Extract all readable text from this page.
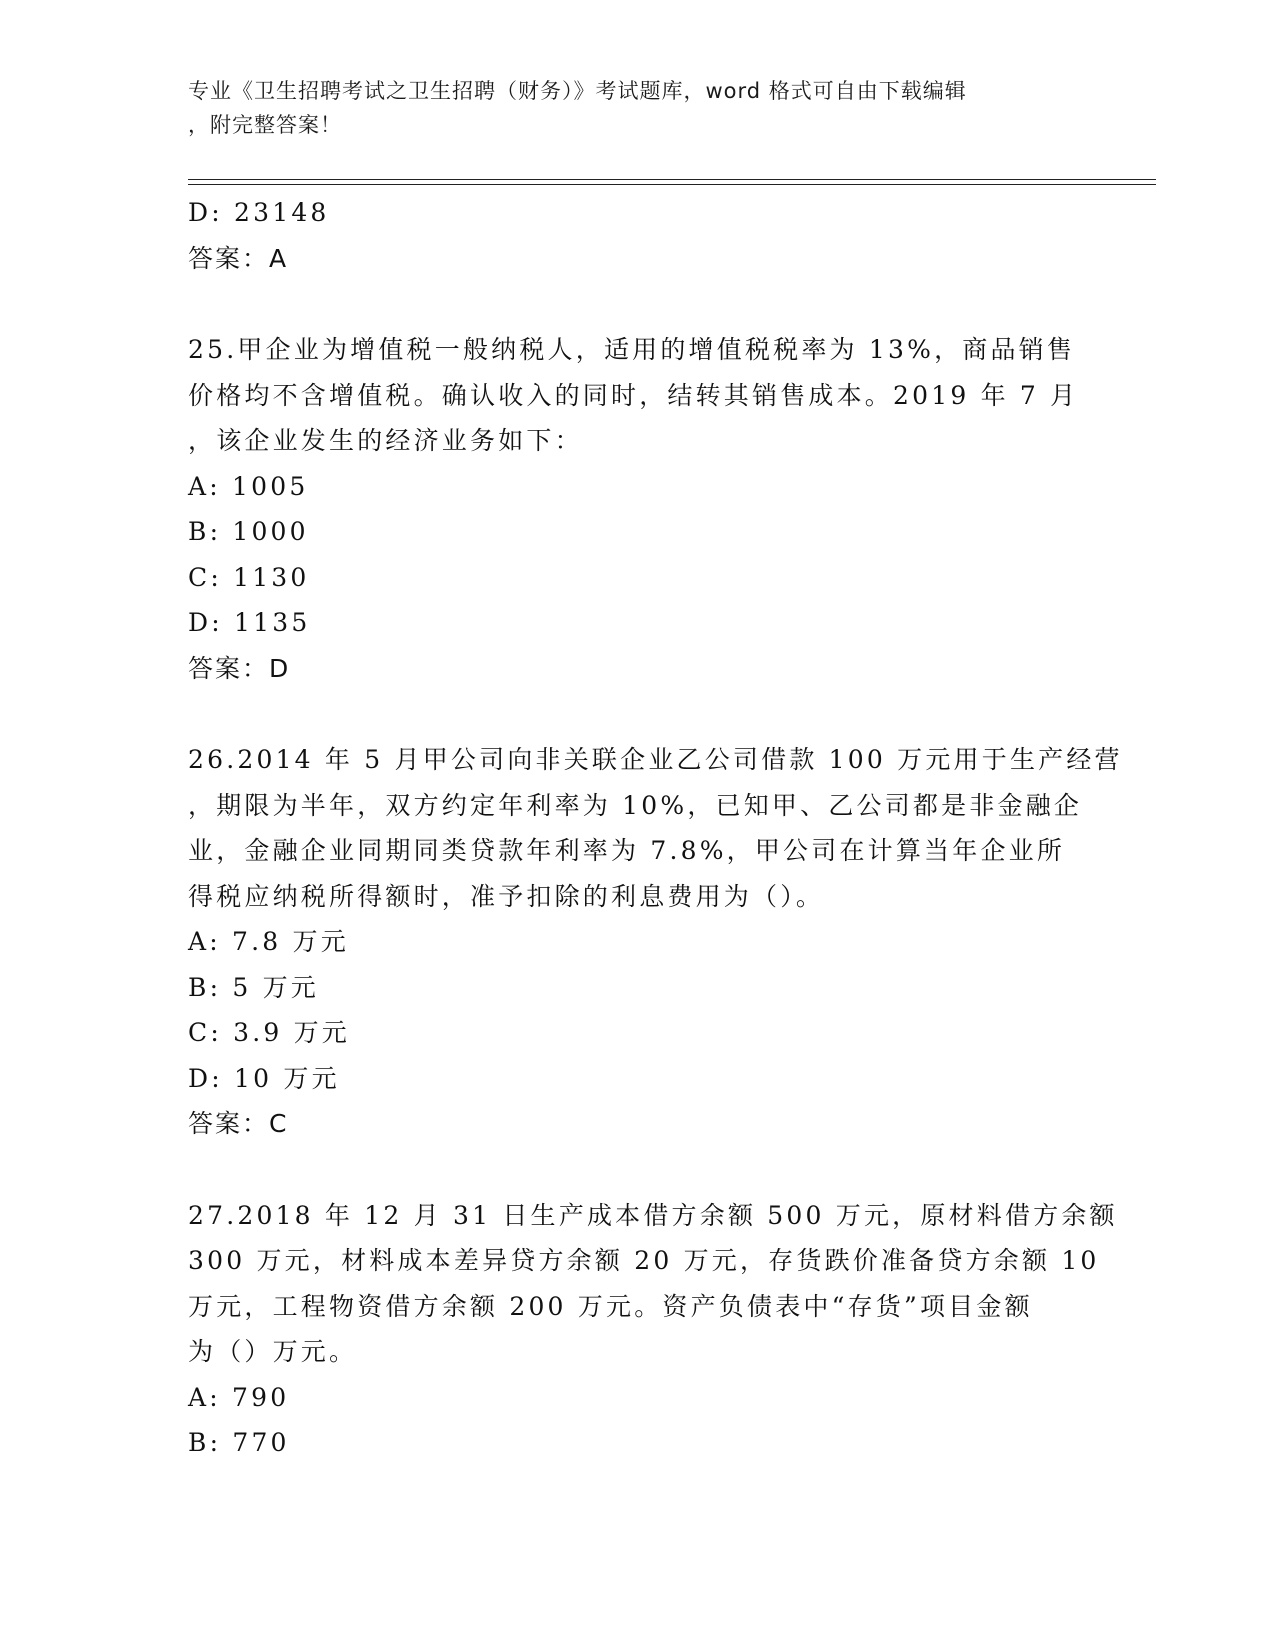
专业《卫生招聘考试之卫生招聘（财务）》考试题库，word 格式可自由下载编辑
，附完整答案！
D: 23148
答案：A
25.甲企业为增值税一般纳税人，适用的增值税税率为 13%，商品销售
价格均不含增值税。确认收入的同时，结转其销售成本。2019 年 7 月
，该企业发生的经济业务如下：
A: 1005
B: 1000
C: 1130
D: 1135
答案：D
26.2014 年 5 月甲公司向非关联企业乙公司借款 100 万元用于生产经营
，期限为半年，双方约定年利率为 10%，已知甲、乙公司都是非金融企
业，金融企业同期同类贷款年利率为 7.8%，甲公司在计算当年企业所
得税应纳税所得额时，准予扣除的利息费用为（）。
A: 7.8 万元
B: 5 万元
C: 3.9 万元
D: 10 万元
答案：C
27.2018 年 12 月 31 日生产成本借方余额 500 万元，原材料借方余额
300 万元，材料成本差异贷方余额 20 万元，存货跌价准备贷方余额 10
万元，工程物资借方余额 200 万元。资产负债表中“存货”项目金额
为（）万元。
A: 790
B: 770
